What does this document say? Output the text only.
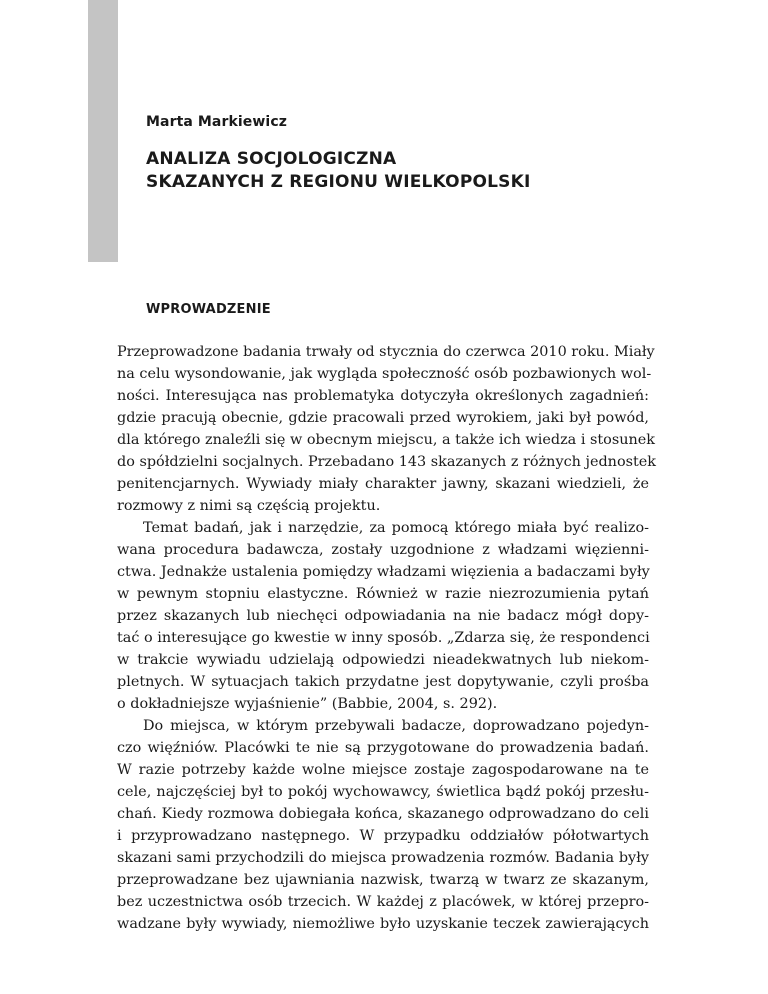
Marta Markiewicz
ANALIZA SOCJOLOGICZNA
SKAZANYCH Z REGIONU WIELKOPOLSKI
WPROWADZENIE
Przeprowadzone badania trwały od stycznia do czerwca 2010 roku. Miały
na celu wysondowanie, jak wygląda społeczność osób pozbawionych wol-
ności. Interesująca nas problematyka dotyczyła określonych zagadnień:
gdzie pracują obecnie, gdzie pracowali przed wyrokiem, jaki był powód,
dla którego znaleźli się w obecnym miejscu, a także ich wiedza i stosunek
do spółdzielni socjalnych. Przebadano 143 skazanych z różnych jednostek
penitencjarnych. Wywiady miały charakter jawny, skazani wiedzieli, że
rozmowy z nimi są częścią projektu.
Temat badań, jak i narzędzie, za pomocą którego miała być realizo-
wana procedura badawcza, zostały uzgodnione z władzami więzienni-
ctwa. Jednakże ustalenia pomiędzy władzami więzienia a badaczami były
w pewnym stopniu elastyczne. Również w razie niezrozumienia pytań
przez skazanych lub niechęci odpowiadania na nie badacz mógł dopy-
tać o interesujące go kwestie w inny sposób. „Zdarza się, że respondenci
w trakcie wywiadu udzielają odpowiedzi nieadekwatnych lub niekom-
pletnych. W sytuacjach takich przydatne jest dopytywanie, czyli prośba
o dokładniejsze wyjaśnienie” (Babbie, 2004, s. 292).
Do miejsca, w którym przebywali badacze, doprowadzano pojedyn-
czo więźniów. Placówki te nie są przygotowane do prowadzenia badań.
W razie potrzeby każde wolne miejsce zostaje zagospodarowane na te
cele, najczęściej był to pokój wychowawcy, świetlica bądź pokój przesłu-
chań. Kiedy rozmowa dobiegała końca, skazanego odprowadzano do celi
i przyprowadzano następnego. W przypadku oddziałów półotwartych
skazani sami przychodzili do miejsca prowadzenia rozmów. Badania były
przeprowadzane bez ujawniania nazwisk, twarzą w twarz ze skazanym,
bez uczestnictwa osób trzecich. W każdej z placówek, w której przepro-
wadzane były wywiady, niemożliwe było uzyskanie teczek zawierających
